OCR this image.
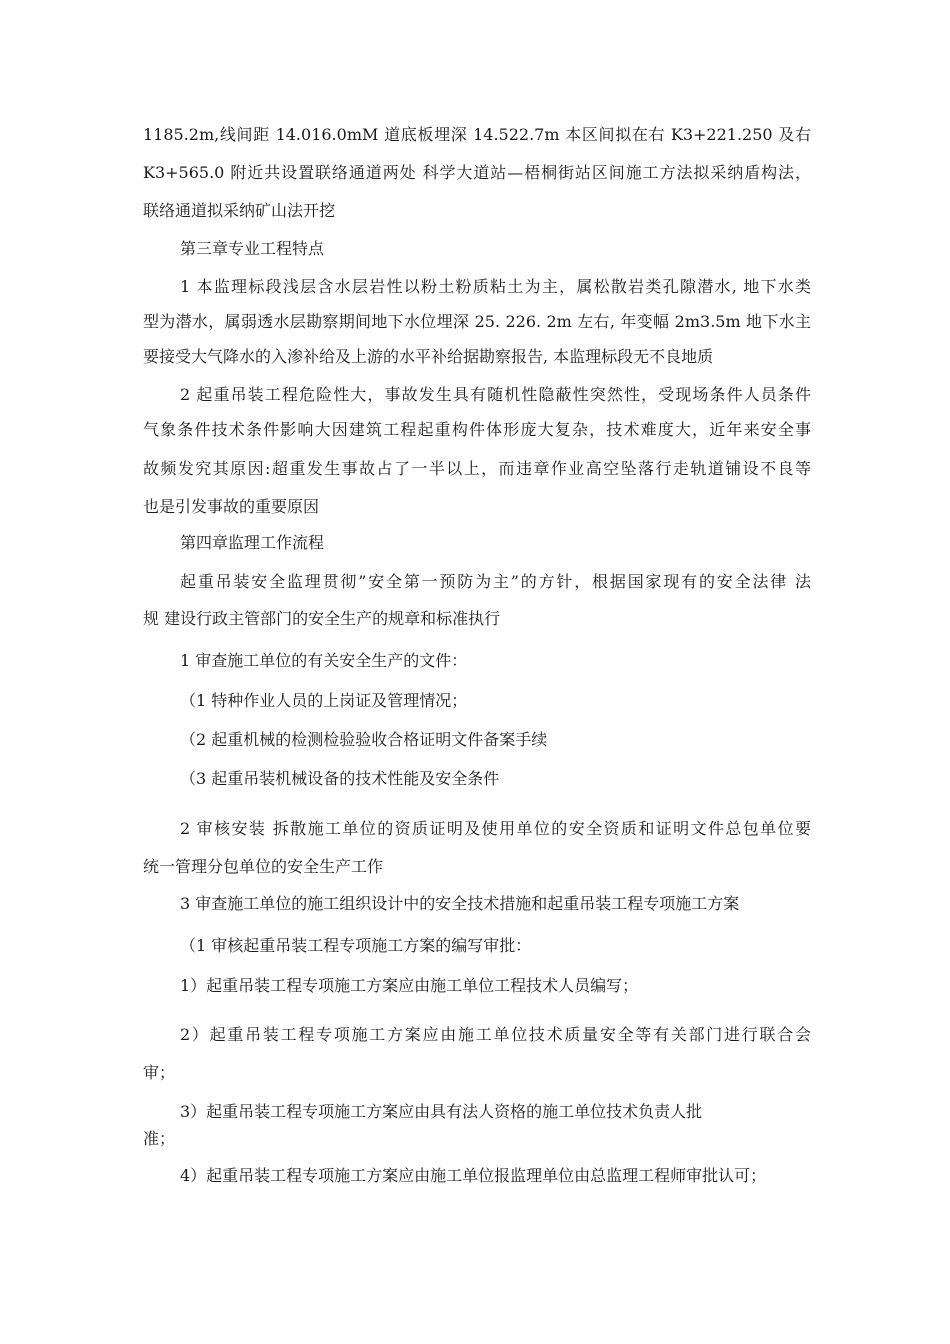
1185.2m,线间距 14.016.0mM 道底板埋深 14.522.7m 本区间拟在右 K3+221.250 及右
K3+565.0 附近共设置联络通道两处 科学大道站—梧桐街站区间施工方法拟采纳盾构法，
联络通道拟采纳矿山法开挖
第三章专业工程特点
1 本监理标段浅层含水层岩性以粉土粉质粘土为主，属松散岩类孔隙潜水, 地下水类
型为潜水，属弱透水层勘察期间地下水位埋深 25. 226. 2m 左右, 年变幅 2m3.5m 地下水主
要接受大气降水的入渗补给及上游的水平补给据勘察报告, 本监理标段无不良地质
2 起重吊装工程危险性大，事故发生具有随机性隐蔽性突然性，受现场条件人员条件
气象条件技术条件影响大因建筑工程起重构件体形庞大复杂，技术难度大，近年来安全事
故频发究其原因:超重发生事故占了一半以上，而违章作业高空坠落行走轨道铺设不良等
也是引发事故的重要原因
第四章监理工作流程
起重吊装安全监理贯彻”安全第一预防为主”的方针，根据国家现有的安全法律 法
规 建设行政主管部门的安全生产的规章和标准执行
1 审查施工单位的有关安全生产的文件：
（1 特种作业人员的上岗证及管理情况；
（2 起重机械的检测检验验收合格证明文件备案手续
（3 起重吊装机械设备的技术性能及安全条件
2 审核安装 拆散施工单位的资质证明及使用单位的安全资质和证明文件总包单位要
统一管理分包单位的安全生产工作
3 审查施工单位的施工组织设计中的安全技术措施和起重吊装工程专项施工方案
（1 审核起重吊装工程专项施工方案的编写审批：
1）起重吊装工程专项施工方案应由施工单位工程技术人员编写；
2）起重吊装工程专项施工方案应由施工单位技术质量安全等有关部门进行联合会
审；
3）起重吊装工程专项施工方案应由具有法人资格的施工单位技术负责人批
准；
4）起重吊装工程专项施工方案应由施工单位报监理单位由总监理工程师审批认可；
